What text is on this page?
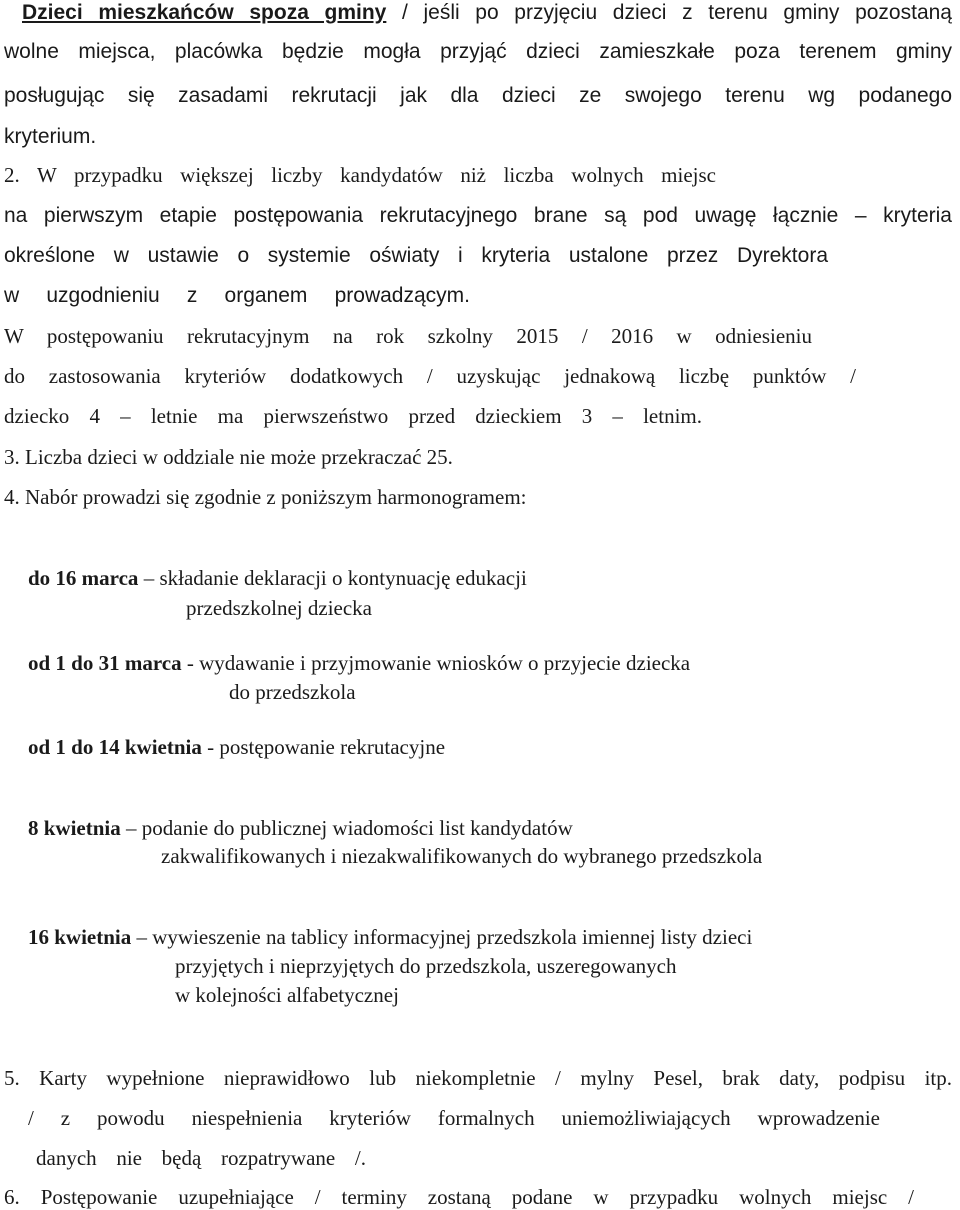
Dzieci mieszkańców spoza gminy / jeśli po przyjęciu dzieci z terenu gminy pozostaną
wolne miejsca, placówka będzie mogła przyjąć dzieci zamieszkałe poza terenem gminy
posługując się zasadami rekrutacji jak dla dzieci ze swojego terenu wg podanego
kryterium.
2. W przypadku większej liczby kandydatów niż liczba wolnych miejsc
na pierwszym etapie postępowania rekrutacyjnego brane są pod uwagę łącznie – kryteria
określone w ustawie o systemie oświaty i kryteria ustalone przez Dyrektora
w uzgodnieniu z organem prowadzącym.
W postępowaniu rekrutacyjnym na rok szkolny 2015 / 2016 w odniesieniu
do zastosowania kryteriów dodatkowych / uzyskując jednakową liczbę punktów /
dziecko 4 – letnie ma pierwszeństwo przed dzieckiem 3 – letnim.
3. Liczba dzieci w oddziale nie może przekraczać 25.
4. Nabór prowadzi się zgodnie z poniższym harmonogramem:
do 16 marca – składanie deklaracji o kontynuację edukacji
przedszkolnej dziecka
od 1 do 31 marca - wydawanie i przyjmowanie wniosków o przyjecie dziecka
do przedszkola
od 1 do 14 kwietnia - postępowanie rekrutacyjne
8 kwietnia – podanie do publicznej wiadomości list kandydatów
zakwalifikowanych i niezakwalifikowanych do wybranego przedszkola
16 kwietnia – wywieszenie na tablicy informacyjnej przedszkola imiennej listy dzieci
przyjętych i nieprzyjętych do przedszkola, uszeregowanych
w kolejności alfabetycznej
5. Karty wypełnione nieprawidłowo lub niekompletnie / mylny Pesel, brak daty, podpisu itp.
/ z powodu niespełnienia kryteriów formalnych uniemożliwiających wprowadzenie
danych nie będą rozpatrywane /.
6. Postępowanie uzupełniające / terminy zostaną podane w przypadku wolnych miejsc /
